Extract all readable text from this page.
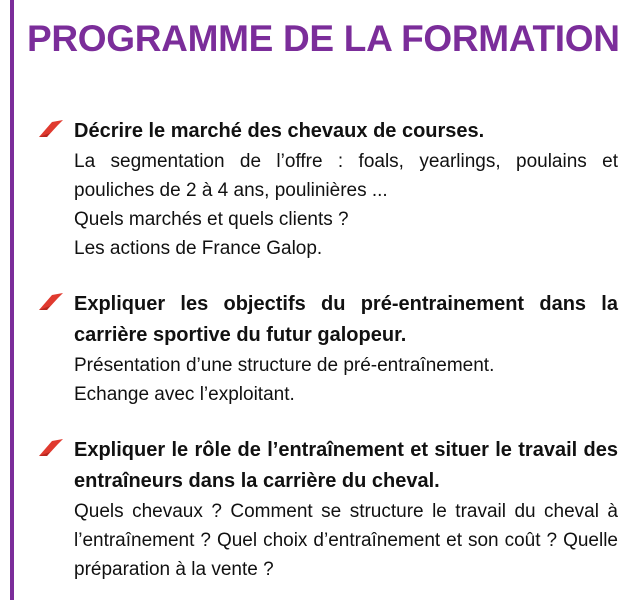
PROGRAMME DE LA FORMATION

Décrire le marché des chevaux de courses.

La segmentation de l’offre : foals, yearlings, poulains et pouliches de 2 à 4 ans, poulinières ...

Quels marchés et quels clients ?

Les actions de France Galop.

Expliquer les objectifs du pré-entrainement dans la carrière sportive du futur galopeur.

Présentation d’une structure de pré-entraînement.

Echange avec l’exploitant.

Expliquer le rôle de l’entraînement et situer le travail des entraîneurs dans la carrière du cheval.

Quels chevaux ? Comment se structure le travail du cheval à l’entraînement ? Quel choix d’entraînement et son coût ? Quelle préparation à la vente ?
